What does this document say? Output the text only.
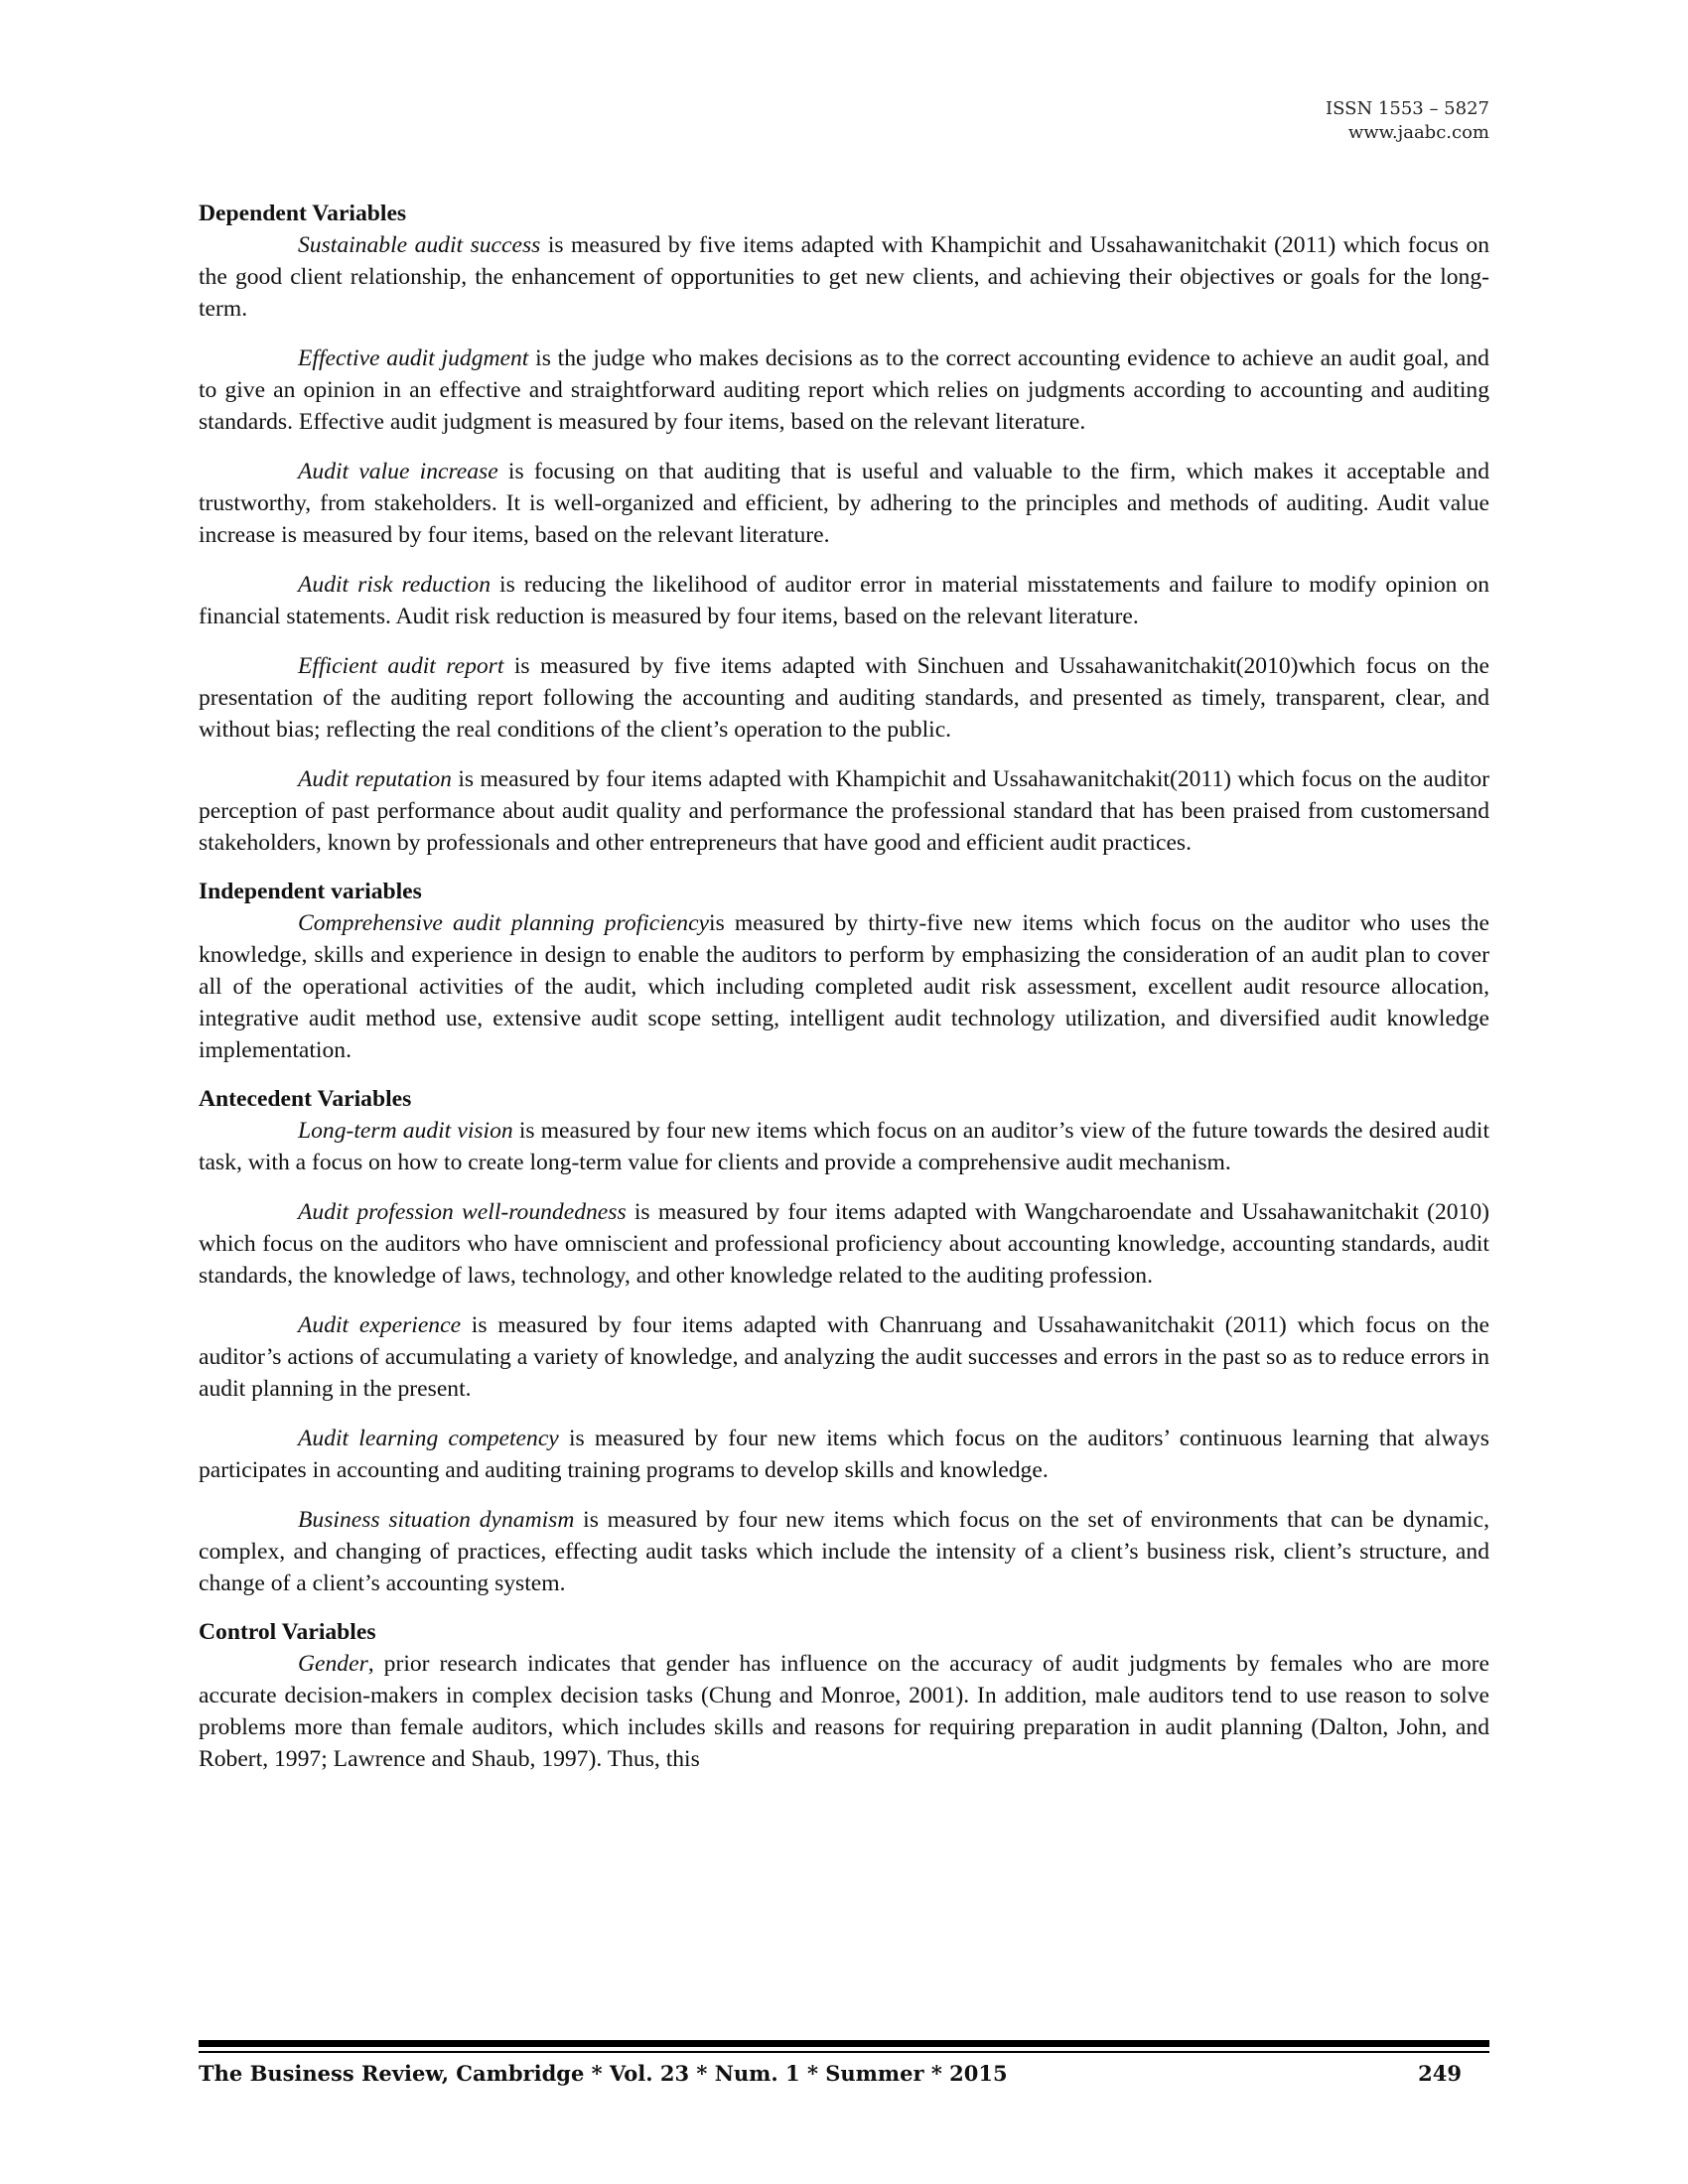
ISSN 1553 – 5827
www.jaabc.com
Dependent Variables

Sustainable audit success is measured by five items adapted with Khampichit and Ussahawanitchakit (2011) which focus on the good client relationship, the enhancement of opportunities to get new clients, and achieving their objectives or goals for the long-term.

Effective audit judgment is the judge who makes decisions as to the correct accounting evidence to achieve an audit goal, and to give an opinion in an effective and straightforward auditing report which relies on judgments according to accounting and auditing standards. Effective audit judgment is measured by four items, based on the relevant literature.

Audit value increase is focusing on that auditing that is useful and valuable to the firm, which makes it acceptable and trustworthy, from stakeholders. It is well-organized and efficient, by adhering to the principles and methods of auditing. Audit value increase is measured by four items, based on the relevant literature.

Audit risk reduction is reducing the likelihood of auditor error in material misstatements and failure to modify opinion on financial statements. Audit risk reduction is measured by four items, based on the relevant literature.

Efficient audit report is measured by five items adapted with Sinchuen and Ussahawanitchakit(2010)which focus on the presentation of the auditing report following the accounting and auditing standards, and presented as timely, transparent, clear, and without bias; reflecting the real conditions of the client’s operation to the public.

Audit reputation is measured by four items adapted with Khampichit and Ussahawanitchakit(2011) which focus on the auditor perception of past performance about audit quality and performance the professional standard that has been praised from customersand stakeholders, known by professionals and other entrepreneurs that have good and efficient audit practices.

Independent variables

Comprehensive audit planning proficiencyis measured by thirty-five new items which focus on the auditor who uses the knowledge, skills and experience in design to enable the auditors to perform by emphasizing the consideration of an audit plan to cover all of the operational activities of the audit, which including completed audit risk assessment, excellent audit resource allocation, integrative audit method use, extensive audit scope setting, intelligent audit technology utilization, and diversified audit knowledge implementation.

Antecedent Variables

Long-term audit vision is measured by four new items which focus on an auditor’s view of the future towards the desired audit task, with a focus on how to create long-term value for clients and provide a comprehensive audit mechanism.

Audit profession well-roundedness is measured by four items adapted with Wangcharoendate and Ussahawanitchakit (2010) which focus on the auditors who have omniscient and professional proficiency about accounting knowledge, accounting standards, audit standards, the knowledge of laws, technology, and other knowledge related to the auditing profession.

Audit experience is measured by four items adapted with Chanruang and Ussahawanitchakit (2011) which focus on the auditor’s actions of accumulating a variety of knowledge, and analyzing the audit successes and errors in the past so as to reduce errors in audit planning in the present.

Audit learning competency is measured by four new items which focus on the auditors’ continuous learning that always participates in accounting and auditing training programs to develop skills and knowledge.

Business situation dynamism is measured by four new items which focus on the set of environments that can be dynamic, complex, and changing of practices, effecting audit tasks which include the intensity of a client’s business risk, client’s structure, and change of a client’s accounting system.

Control Variables

Gender, prior research indicates that gender has influence on the accuracy of audit judgments by females who are more accurate decision-makers in complex decision tasks (Chung and Monroe, 2001). In addition, male auditors tend to use reason to solve problems more than female auditors, which includes skills and reasons for requiring preparation in audit planning (Dalton, John, and Robert, 1997; Lawrence and Shaub, 1997). Thus, this

The Business Review, Cambridge * Vol. 23 * Num. 1 * Summer * 2015	249
